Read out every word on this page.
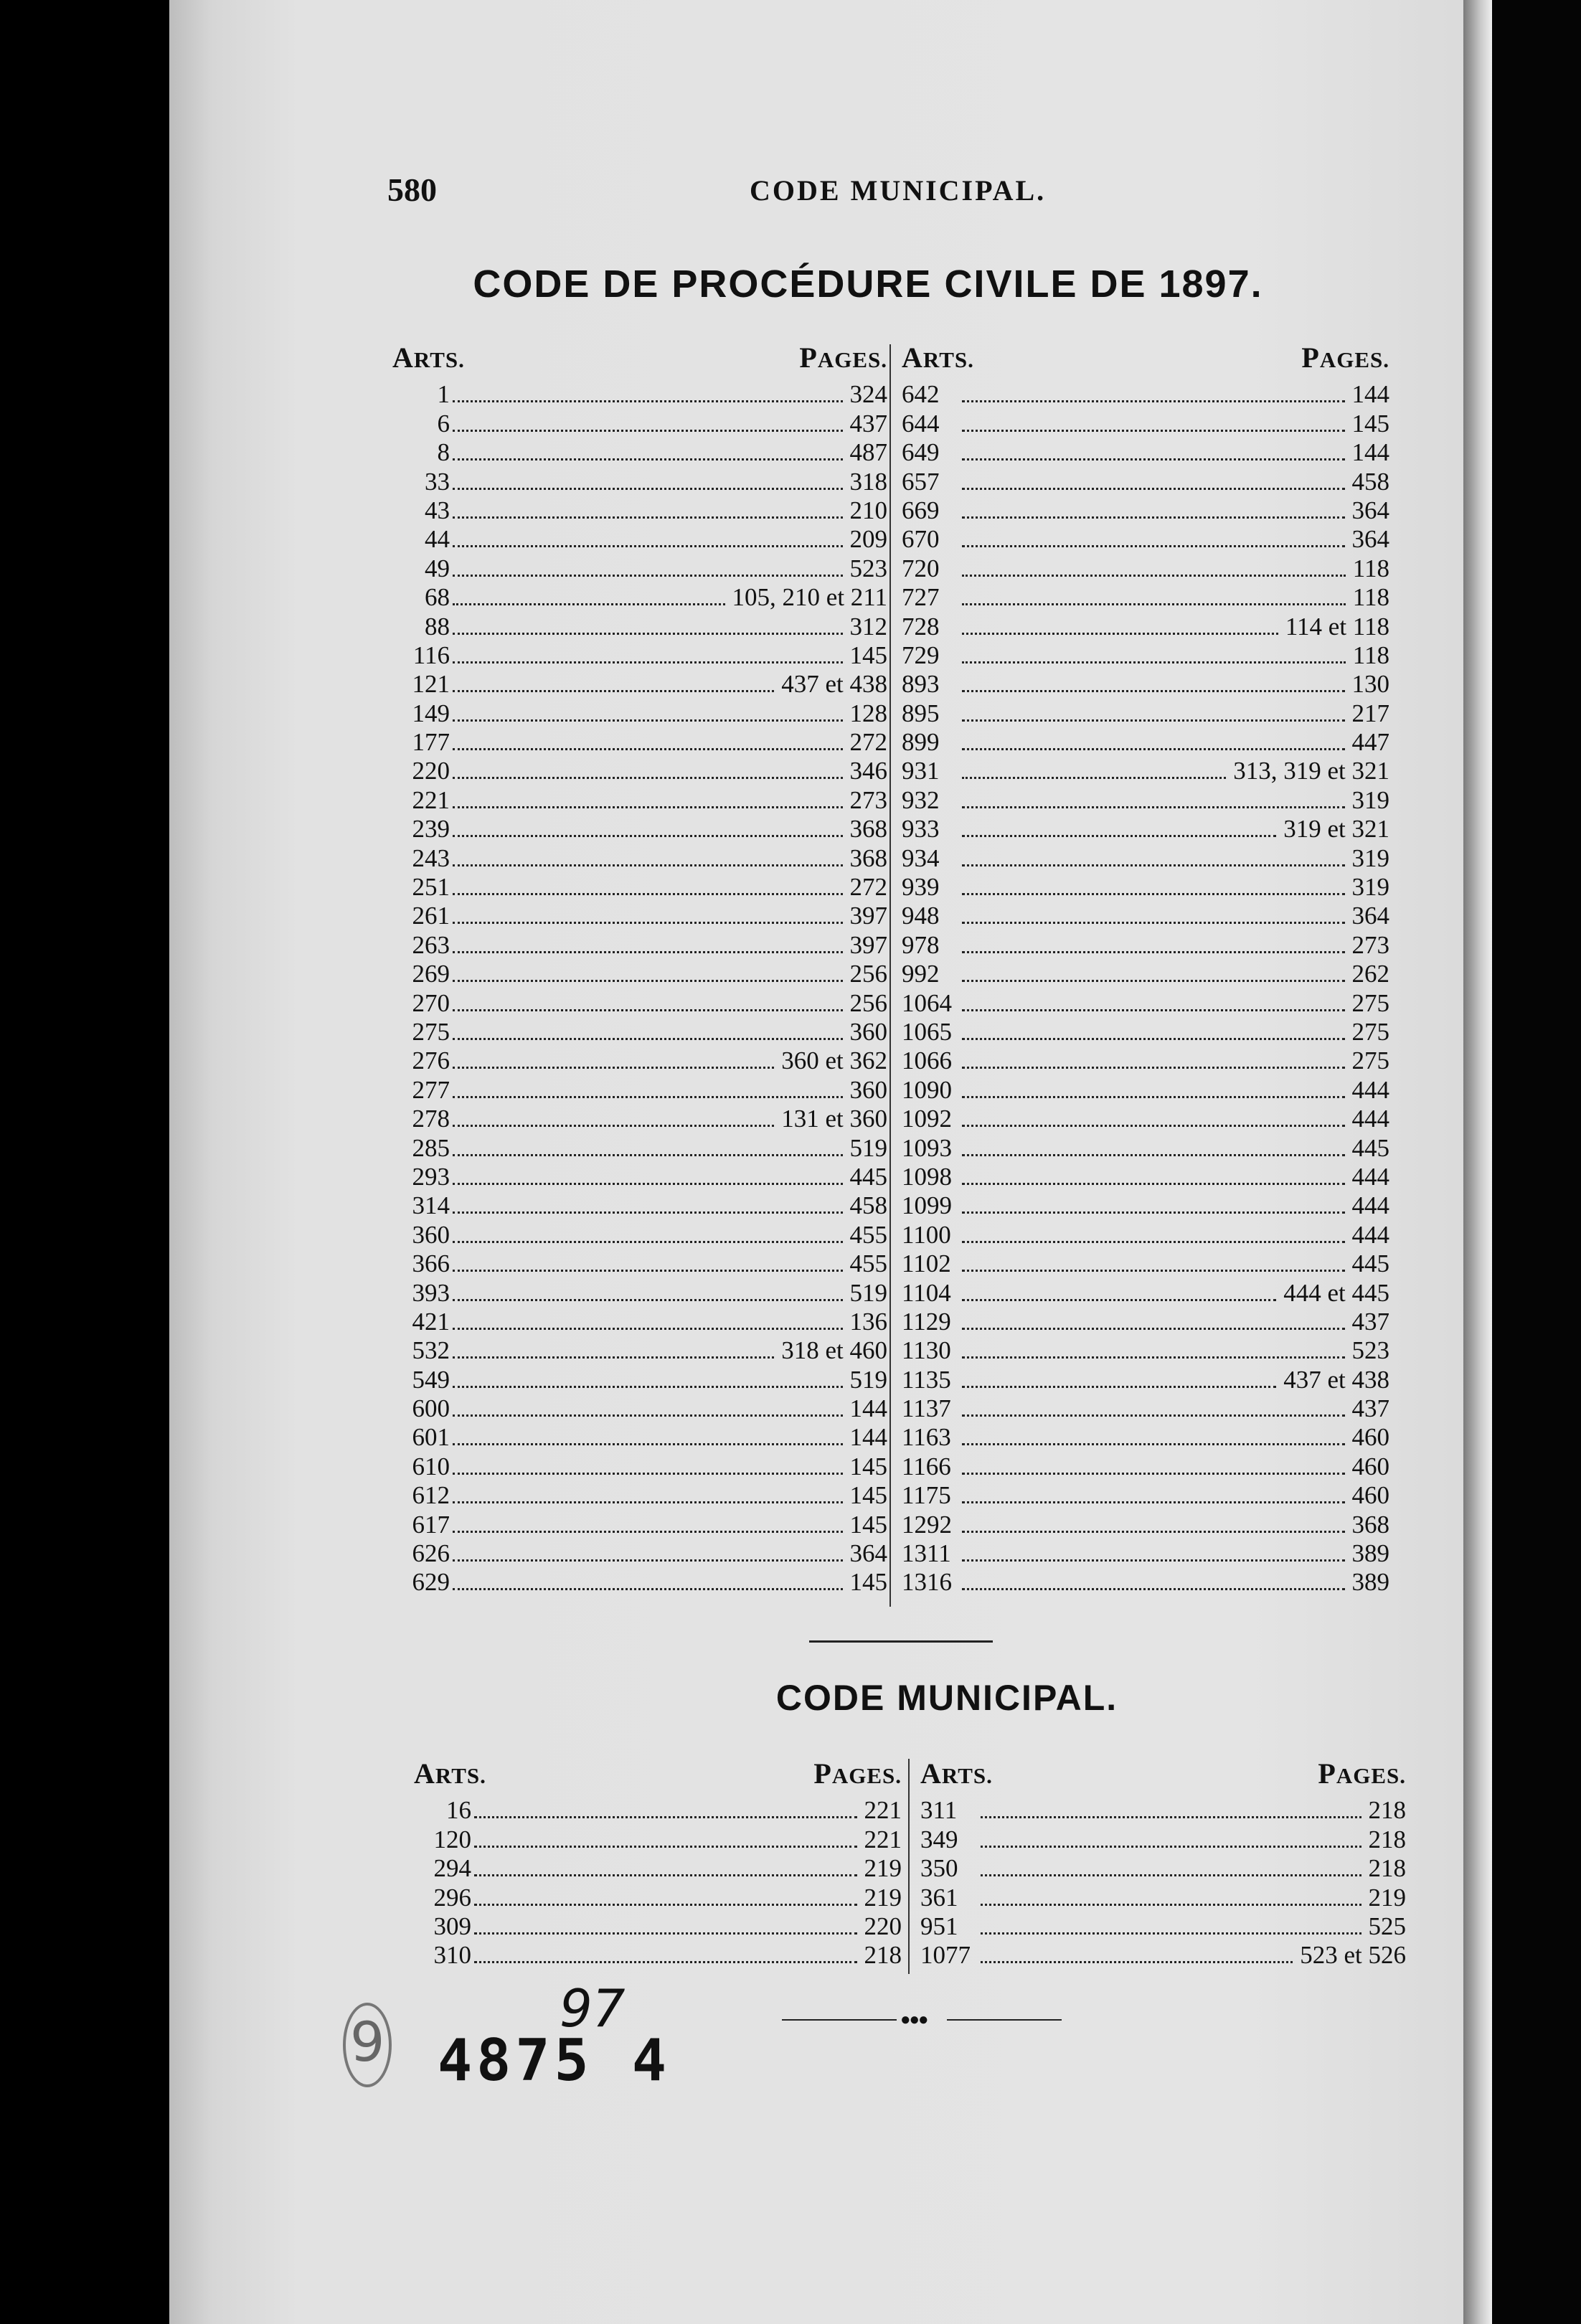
580	CODE MUNICIPAL.
CODE DE PROCÉDURE CIVILE DE 1897.
ARTS.	PAGES.
1	324
6	437
8	487
33	318
43	210
44	209
49	523
68	105, 210 et 211
88	312
116	145
121	437 et 438
149	128
177	272
220	346
221	273
239	368
243	368
251	272
261	397
263	397
269	256
270	256
275	360
276	360 et 362
277	360
278	131 et 360
285	519
293	445
314	458
360	455
366	455
393	519
421	136
532	318 et 460
549	519
600	144
601	144
610	145
612	145
617	145
626	364
629	145
ARTS.	PAGES.
642	144
644	145
649	144
657	458
669	364
670	364
720	118
727	118
728	114 et 118
729	118
893	130
895	217
899	447
931	313, 319 et 321
932	319
933	319 et 321
934	319
939	319
948	364
978	273
992	262
1064	275
1065	275
1066	275
1090	444
1092	444
1093	445
1098	444
1099	444
1100	444
1102	445
1104	444 et 445
1129	437
1130	523
1135	437 et 438
1137	437
1163	460
1166	460
1175	460
1292	368
1311	389
1316	389
CODE MUNICIPAL.
ARTS.	PAGES.
16	221
120	221
294	219
296	219
309	220
310	218
ARTS.	PAGES.
311	218
349	218
350	218
361	219
951	525
1077	523 et 526
●●●
9
97
4875 4
